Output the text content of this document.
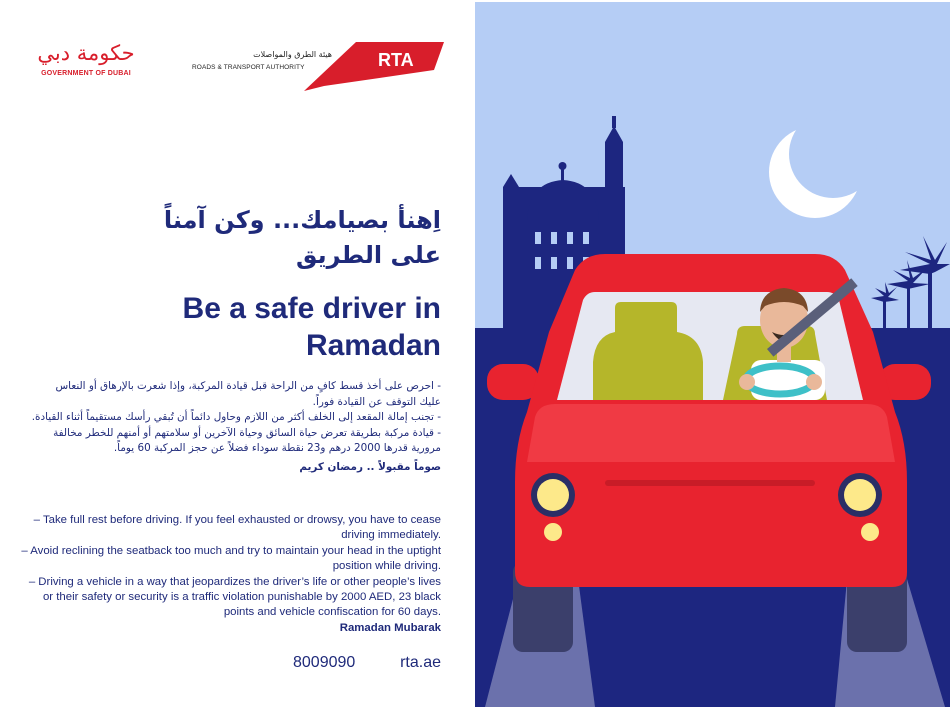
حكومة دبي
GOVERNMENT OF DUBAI
هيئة الطرق والمواصلات
ROADS & TRANSPORT AUTHORITY	RTA
اِهنأ بصيامك... وكن آمناً
على الطريق
Be a safe driver in
Ramadan

- احرص على أخذ قسط كافٍ من الراحة قبل قيادة المركبة، وإذا شعرت بالإرهاق أو النعاس عليك التوقف عن القيادة فوراً.

- تجنب إمالة المقعد إلى الخلف أكثر من اللازم وحاول دائماً أن تُبقي رأسك مستقيماً أثناء القيادة.

- قيادة مركبة بطريقة تعرض حياة السائق وحياة الآخرين أو سلامتهم أو أمنهم للخطر مخالفة مرورية قدرها 2000 درهم و23 نقطة سوداء فضلاً عن حجز المركبة 60 يوماً.

صوماً مقبولاً .. رمضان كريم

– Take full rest before driving. If you feel exhausted or drowsy, you have to cease driving immediately.

– Avoid reclining the seatback too much and try to maintain your head in the uptight position while driving.

– Driving a vehicle in a way that jeopardizes the driver’s life or other people’s lives or their safety or security is a traffic violation punishable by 2000 AED, 23 black points and vehicle confiscation for 60 days.

Ramadan Mubarak

8009090	rta.ae
